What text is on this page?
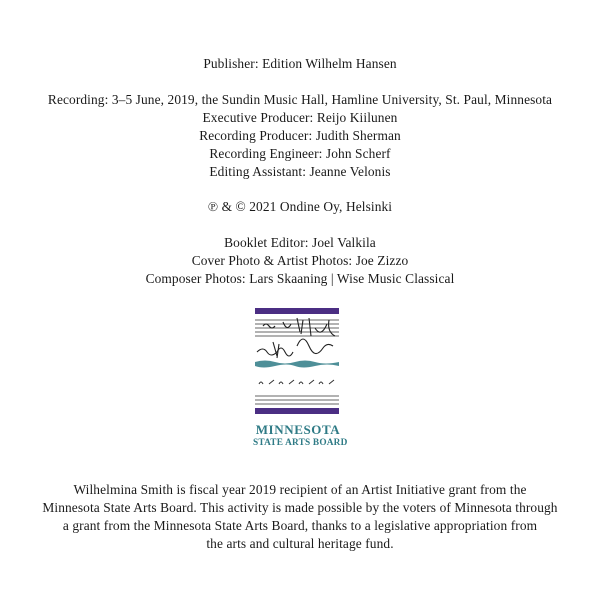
Publisher: Edition Wilhelm Hansen
Recording: 3–5 June, 2019, the Sundin Music Hall, Hamline University, St. Paul, Minnesota
Executive Producer: Reijo Kiilunen
Recording Producer: Judith Sherman
Recording Engineer: John Scherf
Editing Assistant: Jeanne Velonis
℗ & © 2021 Ondine Oy, Helsinki
Booklet Editor: Joel Valkila
Cover Photo & Artist Photos: Joe Zizzo
Composer Photos: Lars Skaaning | Wise Music Classical
MINNESOTA
STATE ARTS BOARD
Wilhelmina Smith is fiscal year 2019 recipient of an Artist Initiative grant from the
Minnesota State Arts Board. This activity is made possible by the voters of Minnesota through
a grant from the Minnesota State Arts Board, thanks to a legislative appropriation from
the arts and cultural heritage fund.
